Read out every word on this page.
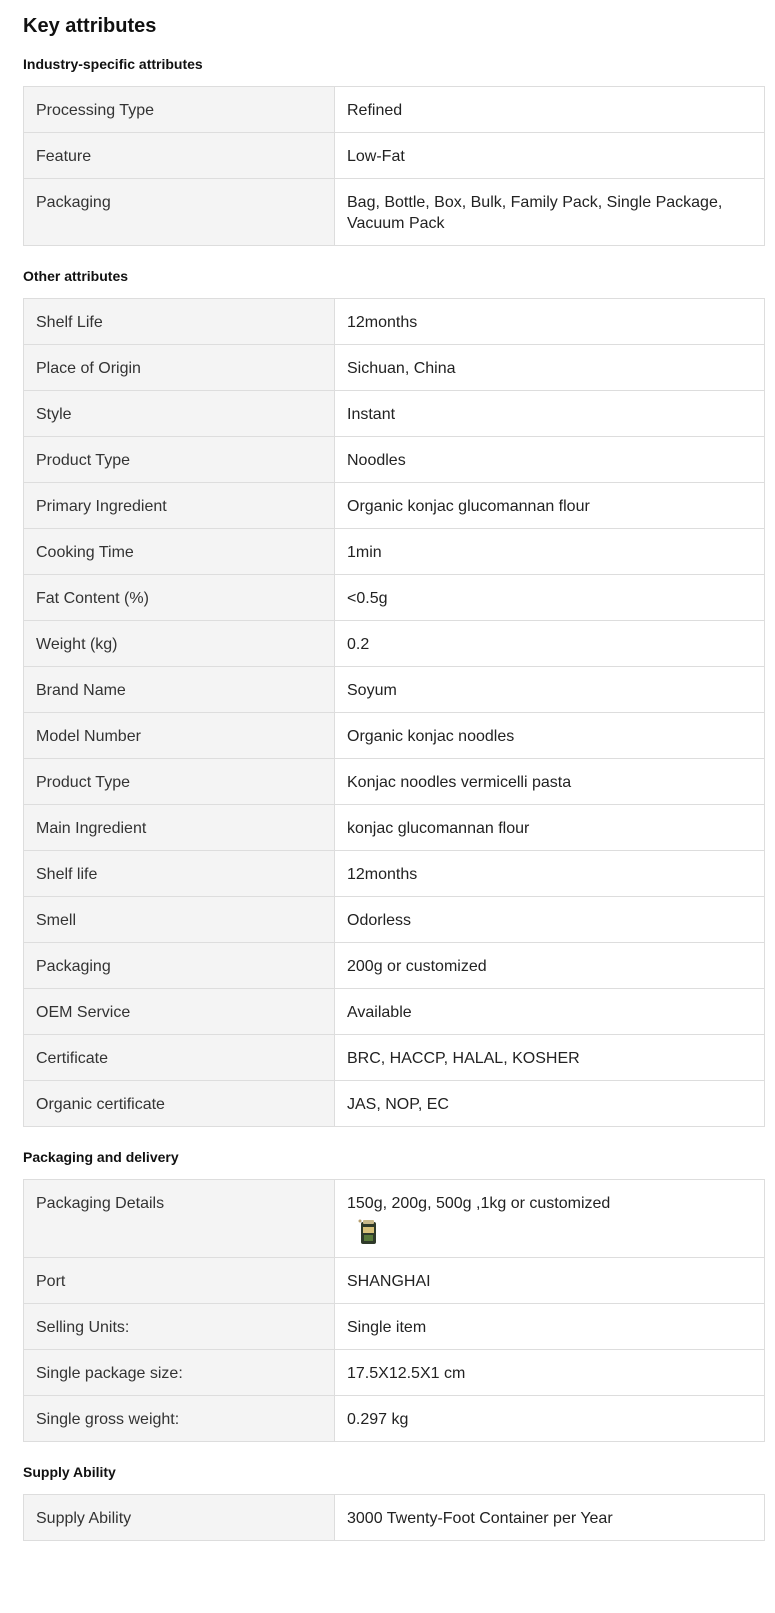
Key attributes
Industry-specific attributes
Processing Type	Refined
Feature	Low-Fat
Packaging	Bag, Bottle, Box, Bulk, Family Pack, Single Package, Vacuum Pack
Other attributes
Shelf Life	12months
Place of Origin	Sichuan, China
Style	Instant
Product Type	Noodles
Primary Ingredient	Organic konjac glucomannan flour
Cooking Time	1min
Fat Content (%)	<0.5g
Weight (kg)	0.2
Brand Name	Soyum
Model Number	Organic konjac noodles
Product Type	Konjac noodles vermicelli pasta
Main Ingredient	konjac glucomannan flour
Shelf life	12months
Smell	Odorless
Packaging	200g or customized
OEM Service	Available
Certificate	BRC, HACCP, HALAL, KOSHER
Organic certificate	JAS, NOP, EC
Packaging and delivery
Packaging Details	150g, 200g, 500g ,1kg or customized

Port	SHANGHAI
Selling Units:	Single item
Single package size:	17.5X12.5X1 cm
Single gross weight:	0.297 kg
Supply Ability
Supply Ability	3000 Twenty-Foot Container per Year
